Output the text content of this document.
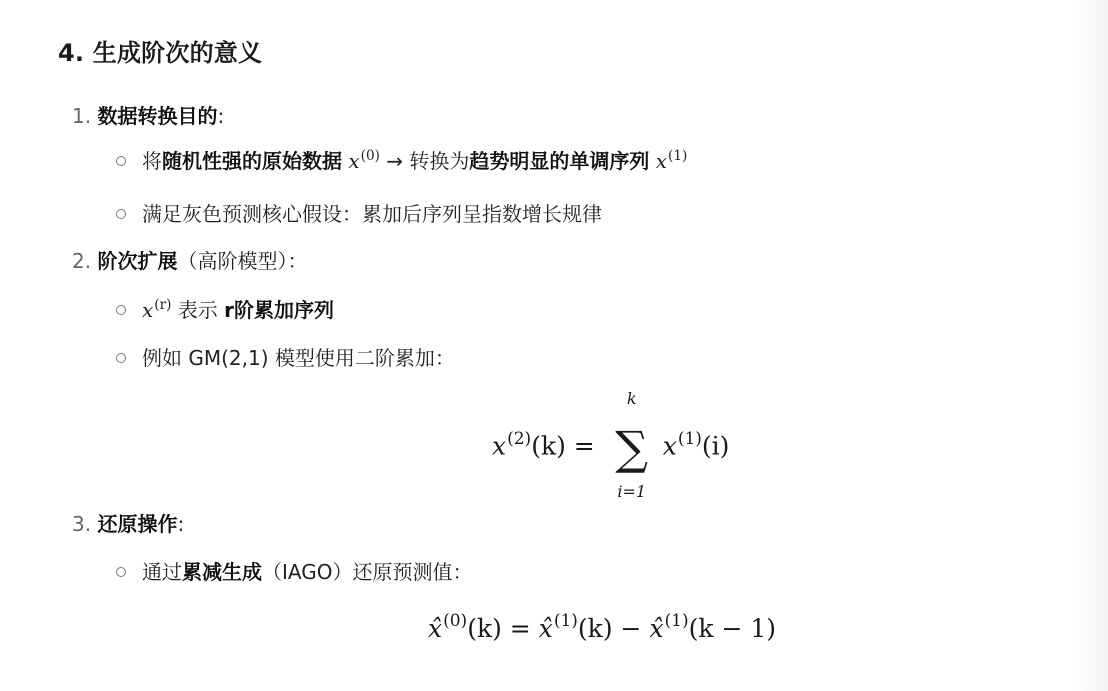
4. 生成阶次的意义
1. 数据转换目的:
将随机性强的原始数据 $x^{(0)}$ → 转换为趋势明显的单调序列 $x^{(1)}$
满足灰色预测核心假设：累加后序列呈指数增长规律
2. 阶次扩展（高阶模型）：
$x^{(r)}$ 表示 r阶累加序列
例如 GM(2,1) 模型使用二阶累加：
$x^{(2)}(k)$ =
k
∑
i=1
$x^{(1)}(i)$
3. 还原操作:
通过累减生成（IAGO）还原预测值：
x̂$^{(0)}$(k) = x̂$^{(1)}$(k) − x̂$^{(1)}$(k − 1)
